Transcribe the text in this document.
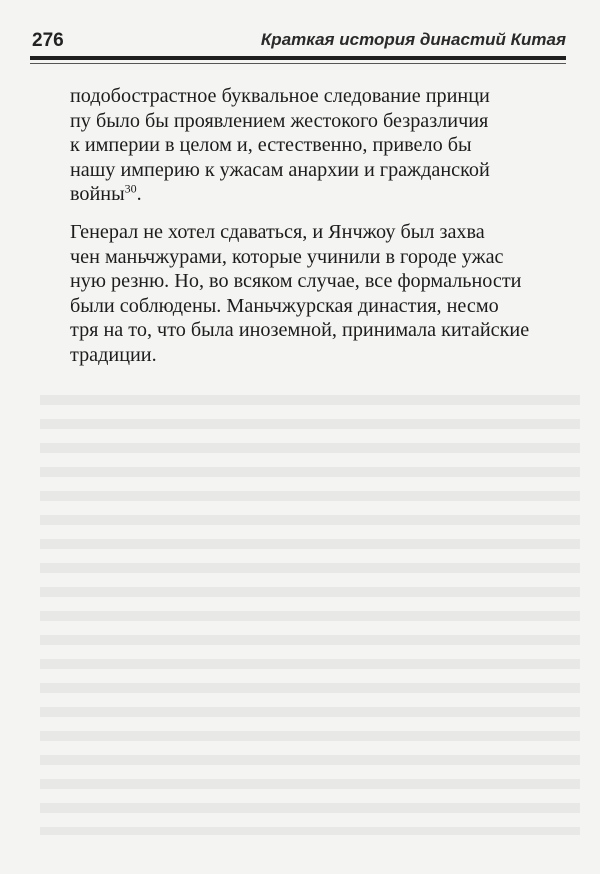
276	Краткая история династий Китая
подобострастное буквальное следование принци
пу было бы проявлением жестокого безразличия
к империи в целом и, естественно, привело бы
нашу империю к ужасам анархии и гражданской
войны$^{30}$.
Генерал не хотел сдаваться, и Янчжоу был захва
чен маньчжурами, которые учинили в городе ужас
ную резню. Но, во всяком случае, все формальности
были соблюдены. Маньчжурская династия, несмо
тря на то, что была иноземной, принимала китайские
традиции.
